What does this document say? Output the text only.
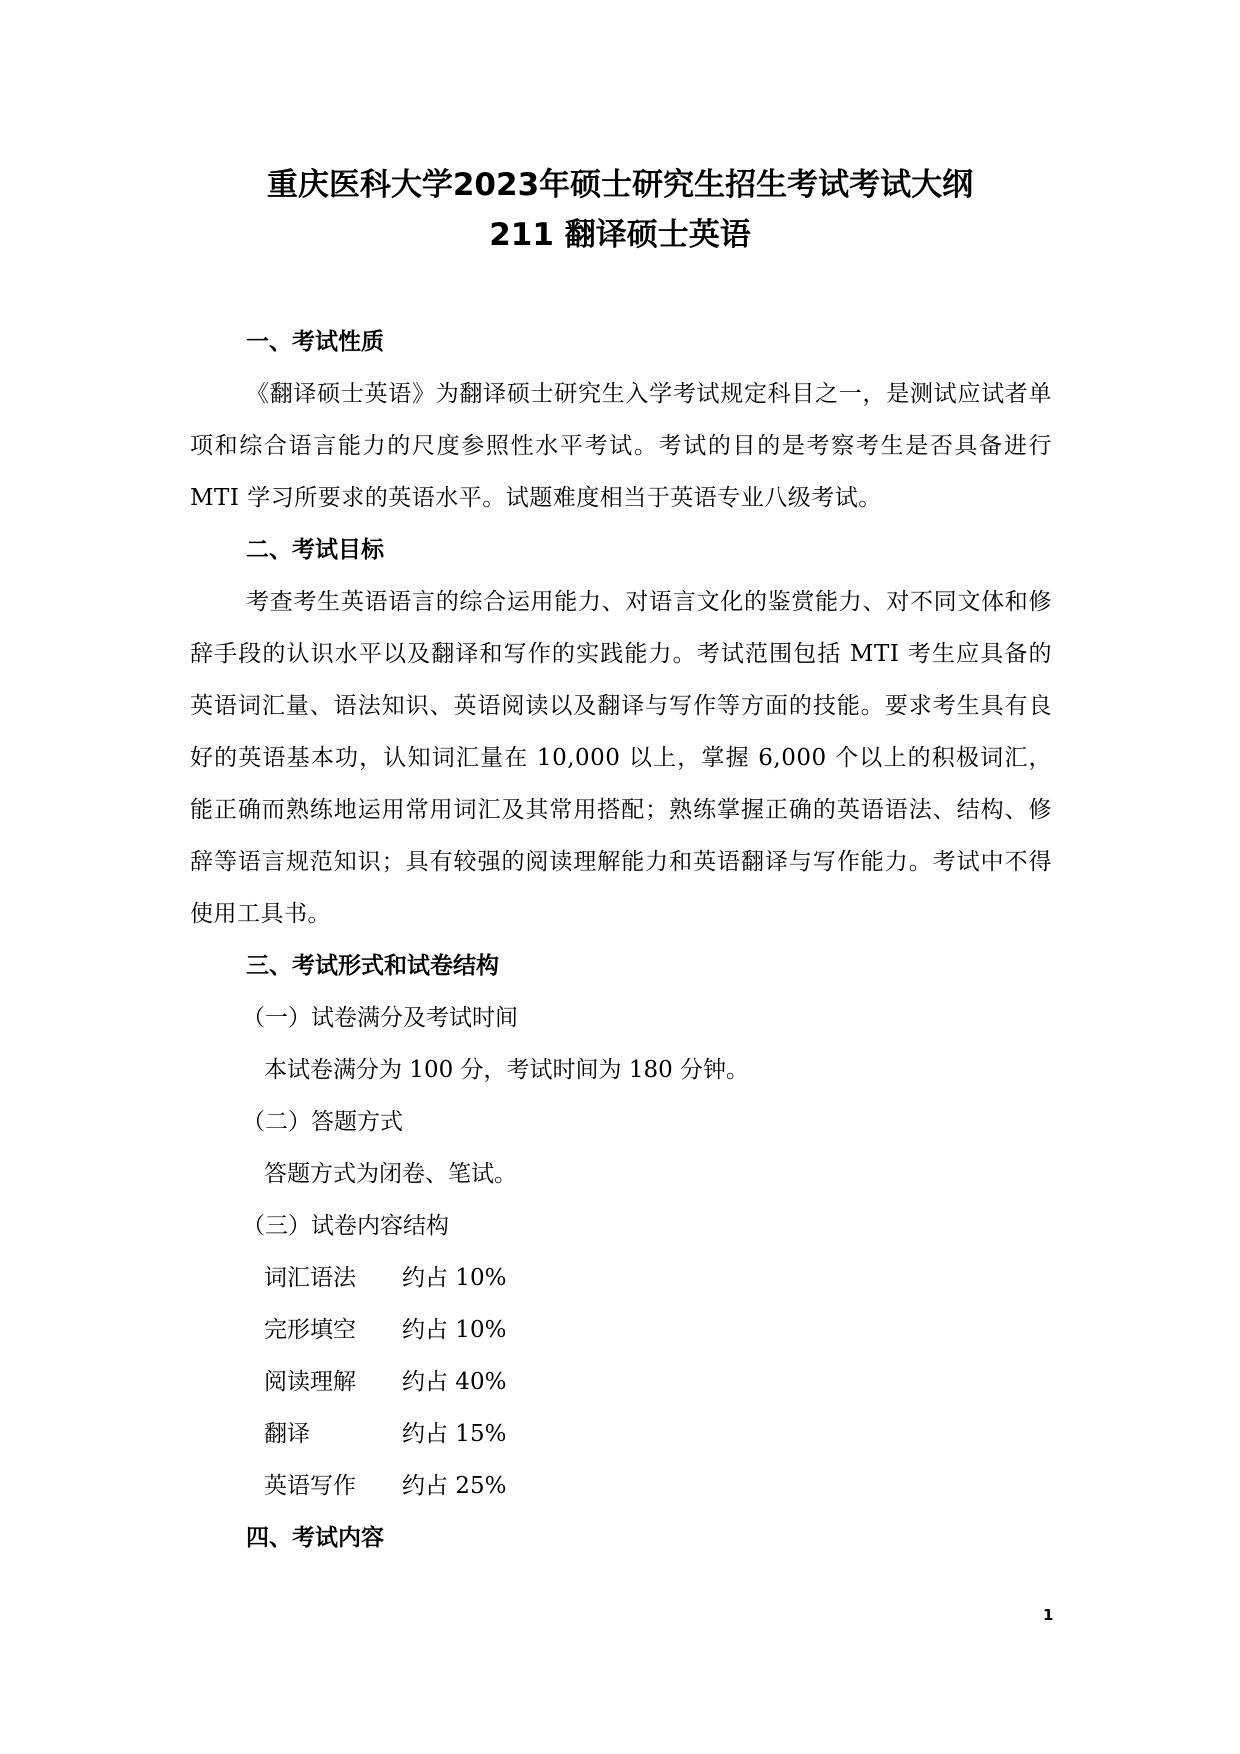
重庆医科大学2023年硕士研究生招生考试考试大纲
211 翻译硕士英语

一、考试性质

《翻译硕士英语》为翻译硕士研究生入学考试规定科目之一，是测试应试者单项和综合语言能力的尺度参照性水平考试。考试的目的是考察考生是否具备进行 MTI 学习所要求的英语水平。试题难度相当于英语专业八级考试。

二、考试目标

考查考生英语语言的综合运用能力、对语言文化的鉴赏能力、对不同文体和修辞手段的认识水平以及翻译和写作的实践能力。考试范围包括 MTI 考生应具备的英语词汇量、语法知识、英语阅读以及翻译与写作等方面的技能。要求考生具有良好的英语基本功，认知词汇量在 10,000 以上，掌握 6,000 个以上的积极词汇，能正确而熟练地运用常用词汇及其常用搭配；熟练掌握正确的英语语法、结构、修辞等语言规范知识；具有较强的阅读理解能力和英语翻译与写作能力。考试中不得使用工具书。

三、考试形式和试卷结构

（一）试卷满分及考试时间

本试卷满分为 100 分，考试时间为 180 分钟。

（二）答题方式

答题方式为闭卷、笔试。

（三）试卷内容结构

词汇语法	约占 10%

完形填空	约占 10%

阅读理解	约占 40%

翻译	约占 15%

英语写作	约占 25%

四、考试内容

1
